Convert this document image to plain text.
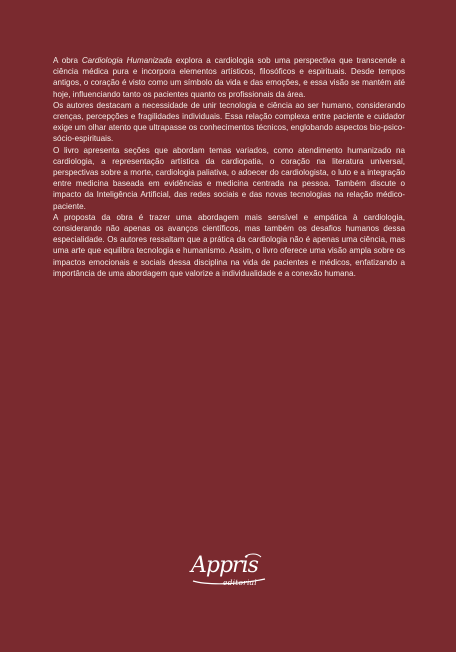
A obra Cardiologia Humanizada explora a cardiologia sob uma perspectiva que transcende a ciência médica pura e incorpora elementos artísticos, filosóficos e espirituais. Desde tempos antigos, o coração é visto como um símbolo da vida e das emoções, e essa visão se mantém até hoje, influenciando tanto os pacientes quanto os profissionais da área.

Os autores destacam a necessidade de unir tecnologia e ciência ao ser humano, considerando crenças, percepções e fragilidades individuais. Essa relação complexa entre paciente e cuidador exige um olhar atento que ultrapasse os conhecimentos técnicos, englobando aspectos bio-psico-sócio-espirituais.

O livro apresenta seções que abordam temas variados, como atendimento humanizado na cardiologia, a representação artística da cardiopatia, o coração na literatura universal, perspectivas sobre a morte, cardiologia paliativa, o adoecer do cardiologista, o luto e a integração entre medicina baseada em evidências e medicina centrada na pessoa. Também discute o impacto da Inteligência Artificial, das redes sociais e das novas tecnologias na relação médico-paciente.

A proposta da obra é trazer uma abordagem mais sensível e empática à cardiologia, considerando não apenas os avanços científicos, mas também os desafios humanos dessa especialidade. Os autores ressaltam que a prática da cardiologia não é apenas uma ciência, mas uma arte que equilibra tecnologia e humanismo. Assim, o livro oferece uma visão ampla sobre os impactos emocionais e sociais dessa disciplina na vida de pacientes e médicos, enfatizando a importância de uma abordagem que valorize a individualidade e a conexão humana.

Appris
editorial
